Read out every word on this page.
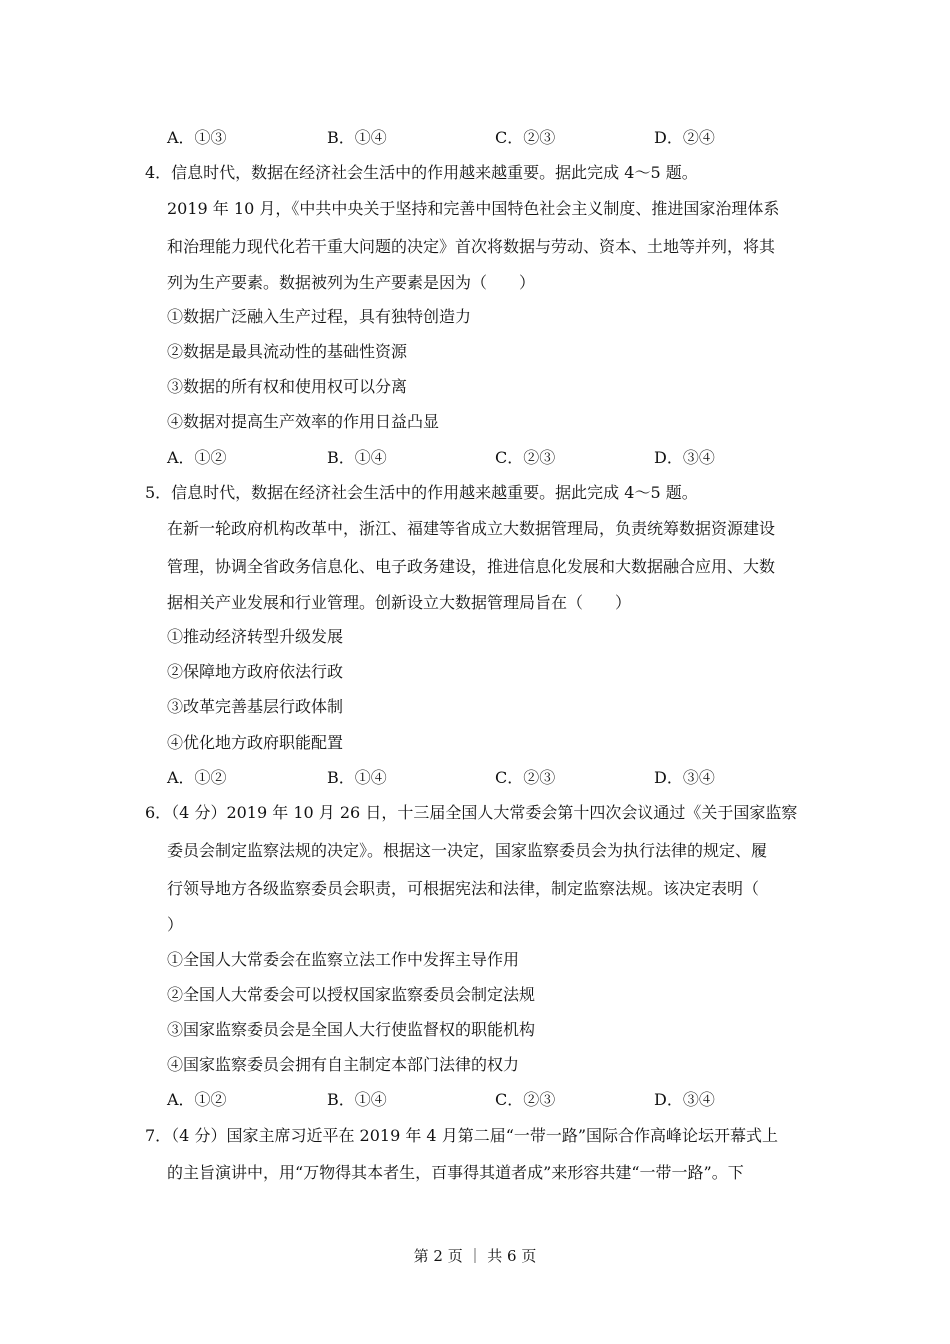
A．①③	B．①④	C．②③	D．②④
4．信息时代，数据在经济社会生活中的作用越来越重要。据此完成 4～5 题。
2019 年 10 月，《中共中央关于坚持和完善中国特色社会主义制度、推进国家治理体系
和治理能力现代化若干重大问题的决定》首次将数据与劳动、资本、土地等并列，将其
列为生产要素。数据被列为生产要素是因为（　　）
①数据广泛融入生产过程，具有独特创造力
②数据是最具流动性的基础性资源
③数据的所有权和使用权可以分离
④数据对提高生产效率的作用日益凸显
A．①②	B．①④	C．②③	D．③④
5．信息时代，数据在经济社会生活中的作用越来越重要。据此完成 4～5 题。
在新一轮政府机构改革中，浙江、福建等省成立大数据管理局，负责统筹数据资源建设
管理，协调全省政务信息化、电子政务建设，推进信息化发展和大数据融合应用、大数
据相关产业发展和行业管理。创新设立大数据管理局旨在（　　）
①推动经济转型升级发展
②保障地方政府依法行政
③改革完善基层行政体制
④优化地方政府职能配置
A．①②	B．①④	C．②③	D．③④
6．（4 分）2019 年 10 月 26 日，十三届全国人大常委会第十四次会议通过《关于国家监察
委员会制定监察法规的决定》。根据这一决定，国家监察委员会为执行法律的规定、履
行领导地方各级监察委员会职责，可根据宪法和法律，制定监察法规。该决定表明（
）
①全国人大常委会在监察立法工作中发挥主导作用
②全国人大常委会可以授权国家监察委员会制定法规
③国家监察委员会是全国人大行使监督权的职能机构
④国家监察委员会拥有自主制定本部门法律的权力
A．①②	B．①④	C．②③	D．③④
7．（4 分）国家主席习近平在 2019 年 4 月第二届“一带一路”国际合作高峰论坛开幕式上
的主旨演讲中，用“万物得其本者生，百事得其道者成”来形容共建“一带一路”。下
第 2 页 ｜ 共 6 页
